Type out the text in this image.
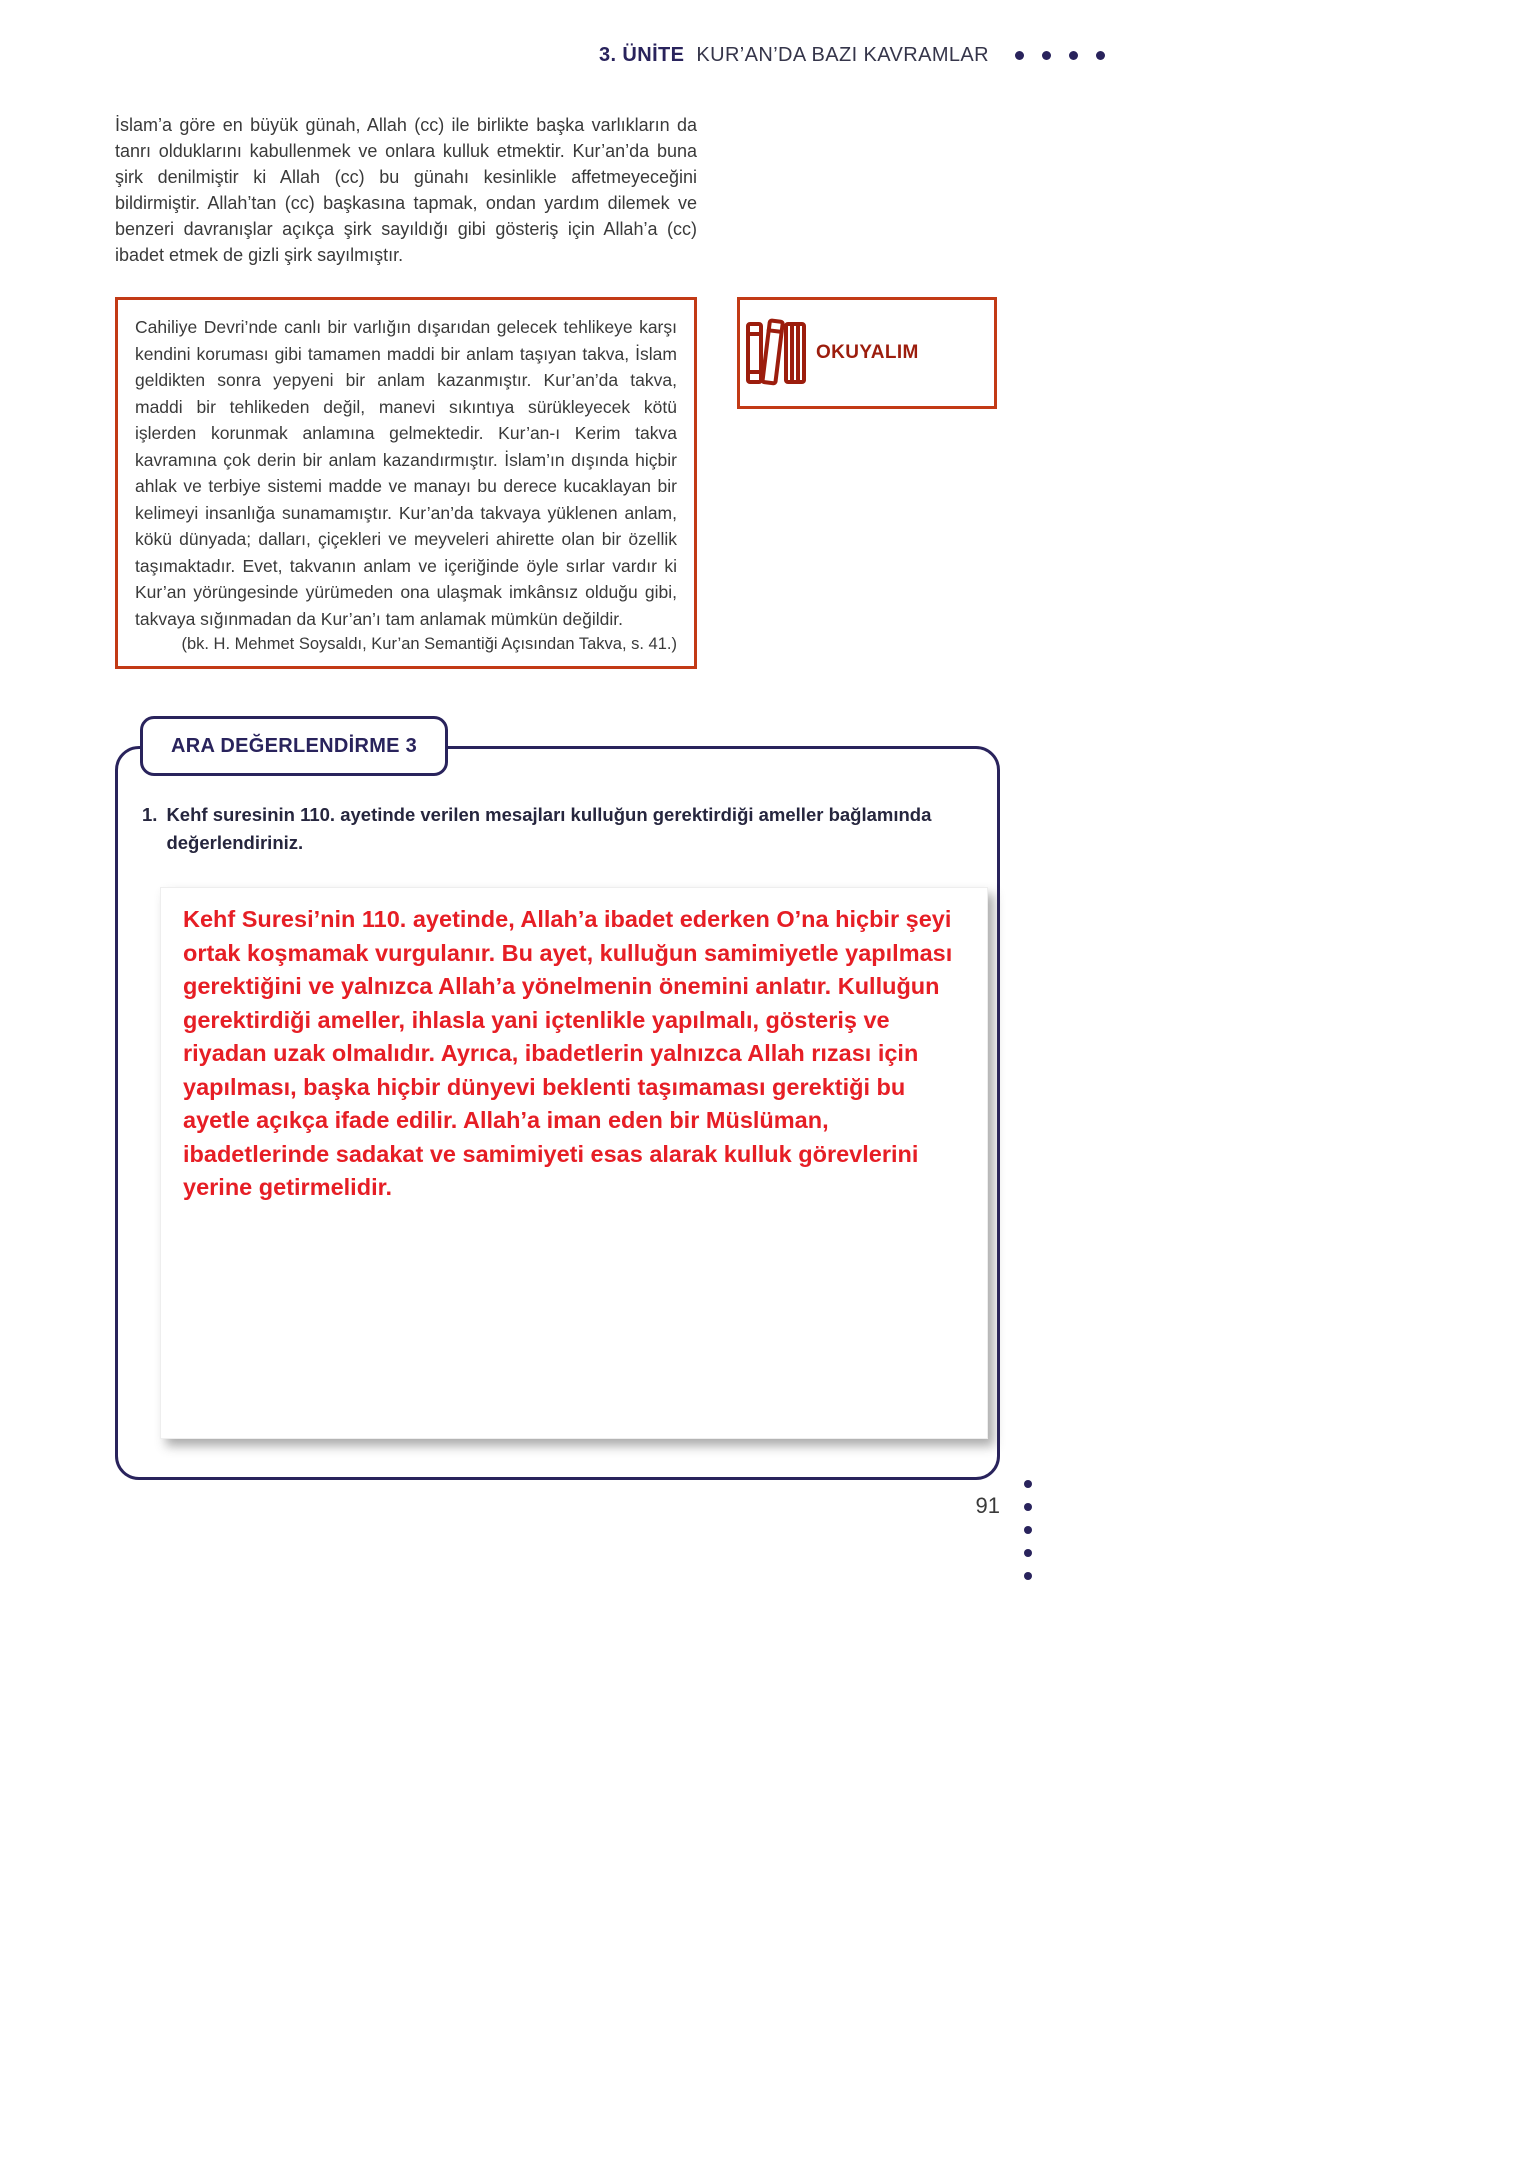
3. ÜNİTE KUR’AN’DA BAZI KAVRAMLAR

İslam’a göre en büyük günah, Allah (cc) ile birlikte başka varlıkların da tanrı olduklarını kabullenmek ve onlara kulluk etmektir. Kur’an’da buna şirk denilmiştir ki Allah (cc) bu günahı kesinlikle affetmeyeceğini bildirmiştir. Allah’tan (cc) başkasına tapmak, ondan yardım dilemek ve benzeri davranışlar açıkça şirk sayıldığı gibi gösteriş için Allah’a (cc) ibadet etmek de gizli şirk sayılmıştır.

Cahiliye Devri’nde canlı bir varlığın dışarıdan gelecek tehlikeye karşı kendini koruması gibi tamamen maddi bir anlam taşıyan takva, İslam geldikten sonra yepyeni bir anlam kazanmıştır. Kur’an’da takva, maddi bir tehlikeden değil, manevi sıkıntıya sürükleyecek kötü işlerden korunmak anlamına gelmektedir. Kur’an-ı Kerim takva kavramına çok derin bir anlam kazandırmıştır. İslam’ın dışında hiçbir ahlak ve terbiye sistemi madde ve manayı bu derece kucaklayan bir kelimeyi insanlığa sunamamıştır. Kur’an’da takvaya yüklenen anlam, kökü dünyada; dalları, çiçekleri ve meyveleri ahirette olan bir özellik taşımaktadır. Evet, takvanın anlam ve içeriğinde öyle sırlar vardır ki Kur’an yörüngesinde yürümeden ona ulaşmak imkânsız olduğu gibi, takvaya sığınmadan da Kur’an’ı tam anlamak mümkün değildir.

(bk. H. Mehmet Soysaldı, Kur’an Semantiği Açısından Takva, s. 41.)

OKUYALIM
ARA DEĞERLENDİRME 3
1. Kehf suresinin 110. ayetinde verilen mesajları kulluğun gerektirdiği ameller bağlamında değerlendiriniz.

Kehf Suresi’nin 110. ayetinde, Allah’a ibadet ederken O’na hiçbir şeyi ortak koşmamak vurgulanır. Bu ayet, kulluğun samimiyetle yapılması gerektiğini ve yalnızca Allah’a yönelmenin önemini anlatır. Kulluğun gerektirdiği ameller, ihlasla yani içtenlikle yapılmalı, gösteriş ve riyadan uzak olmalıdır. Ayrıca, ibadetlerin yalnızca Allah rızası için yapılması, başka hiçbir dünyevi beklenti taşımaması gerektiği bu ayetle açıkça ifade edilir. Allah’a iman eden bir Müslüman, ibadetlerinde sadakat ve samimiyeti esas alarak kulluk görevlerini yerine getirmelidir.

91
